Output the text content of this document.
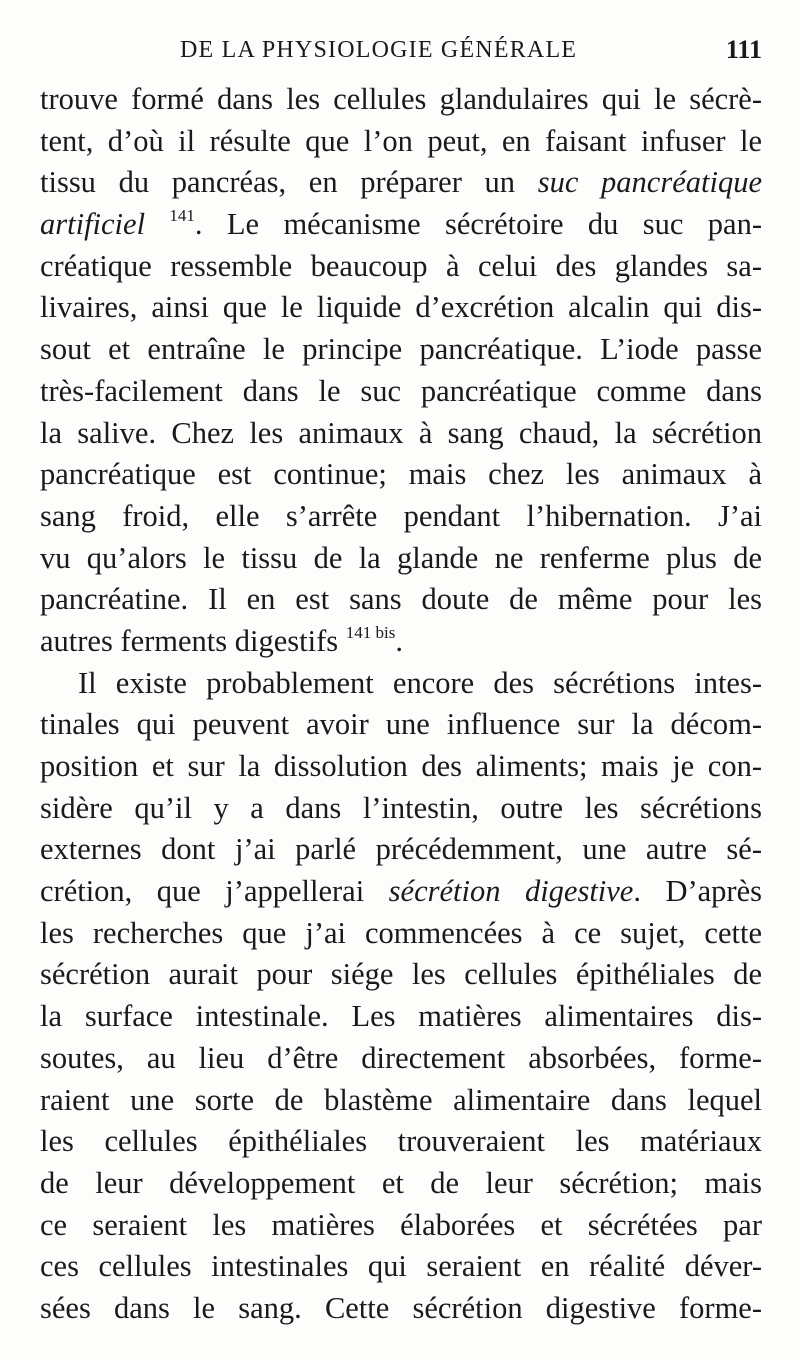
DE LA PHYSIOLOGIE GÉNÉRALE	111
trouve formé dans les cellules glandulaires qui le sécrè-
tent, d’où il résulte que l’on peut, en faisant infuser le
tissu du pancréas, en préparer un suc pancréatique
artificiel $^{141}$. Le mécanisme sécrétoire du suc pan-
créatique ressemble beaucoup à celui des glandes sa-
livaires, ainsi que le liquide d’excrétion alcalin qui dis-
sout et entraîne le principe pancréatique. L’iode passe
très-facilement dans le suc pancréatique comme dans
la salive. Chez les animaux à sang chaud, la sécrétion
pancréatique est continue; mais chez les animaux à
sang froid, elle s’arrête pendant l’hibernation. J’ai
vu qu’alors le tissu de la glande ne renferme plus de
pancréatine. Il en est sans doute de même pour les
autres ferments digestifs $^{141 bis}$.
Il existe probablement encore des sécrétions intes-
tinales qui peuvent avoir une influence sur la décom-
position et sur la dissolution des aliments; mais je con-
sidère qu’il y a dans l’intestin, outre les sécrétions
externes dont j’ai parlé précédemment, une autre sé-
crétion, que j’appellerai sécrétion digestive. D’après
les recherches que j’ai commencées à ce sujet, cette
sécrétion aurait pour siége les cellules épithéliales de
la surface intestinale. Les matières alimentaires dis-
soutes, au lieu d’être directement absorbées, forme-
raient une sorte de blastème alimentaire dans lequel
les cellules épithéliales trouveraient les matériaux
de leur développement et de leur sécrétion; mais
ce seraient les matières élaborées et sécrétées par
ces cellules intestinales qui seraient en réalité déver-
sées dans le sang. Cette sécrétion digestive forme-
